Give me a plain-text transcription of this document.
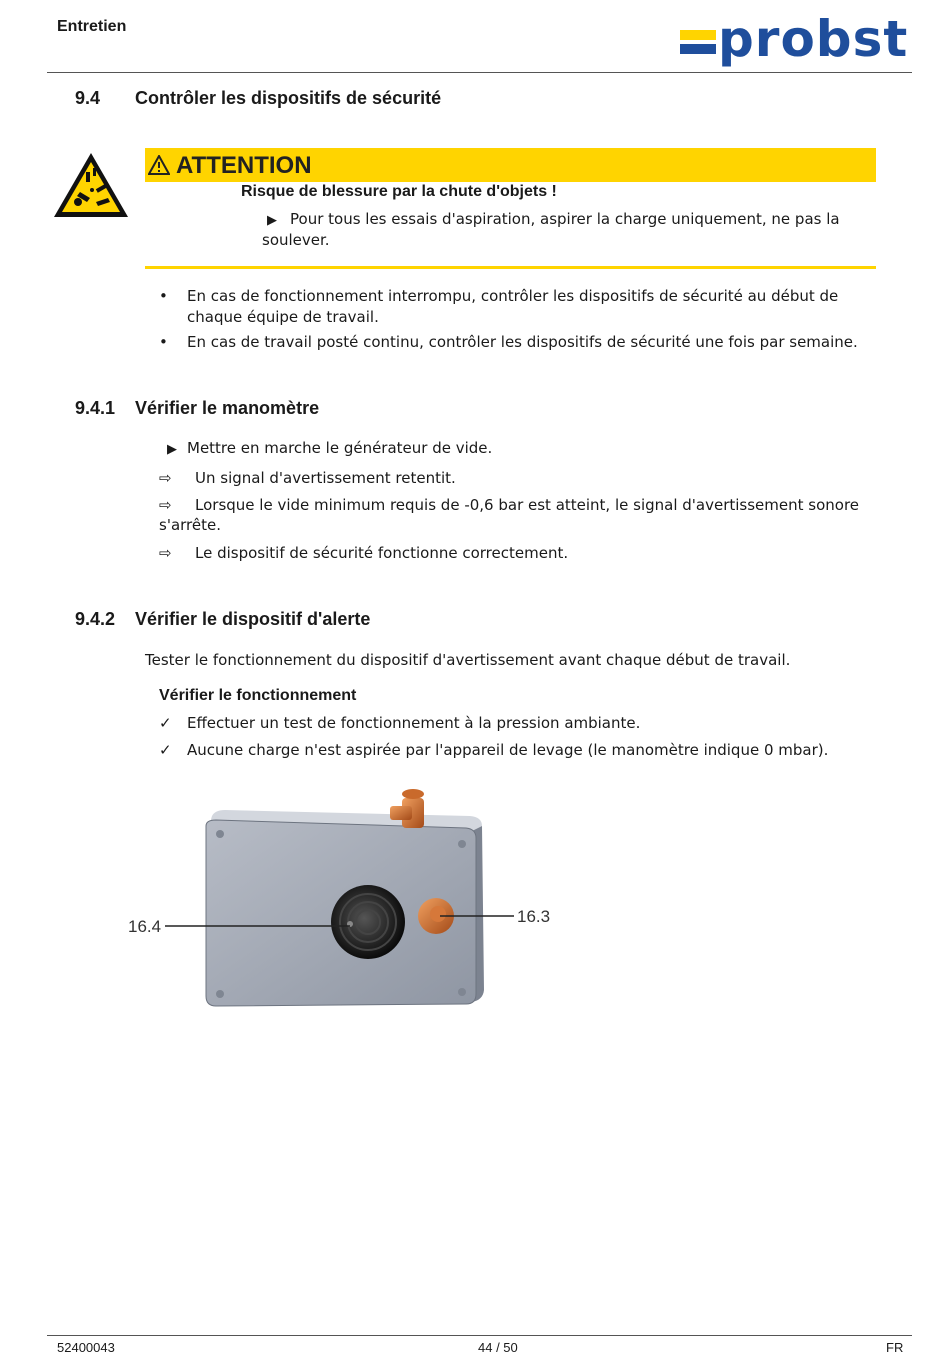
Entretien	probst
9.4 Contrôler les dispositifs de sécurité
ATTENTION
Risque de blessure par la chute d'objets !
▶ Pour tous les essais d'aspiration, aspirer la charge uniquement, ne pas la
soulever.
• En cas de fonctionnement interrompu, contrôler les dispositifs de sécurité au début de
chaque équipe de travail.
• En cas de travail posté continu, contrôler les dispositifs de sécurité une fois par semaine.
9.4.1 Vérifier le manomètre
▶ Mettre en marche le générateur de vide.
⇨ Un signal d'avertissement retentit.
⇨ Lorsque le vide minimum requis de -0,6 bar est atteint, le signal d'avertissement sonore
s'arrête.
⇨ Le dispositif de sécurité fonctionne correctement.
9.4.2 Vérifier le dispositif d'alerte
Tester le fonctionnement du dispositif d'avertissement avant chaque début de travail.
Vérifier le fonctionnement
✓ Effectuer un test de fonctionnement à la pression ambiante.
✓ Aucune charge n'est aspirée par l'appareil de levage (le manomètre indique 0 mbar).
16.4
16.3
52400043	44 / 50	FR
